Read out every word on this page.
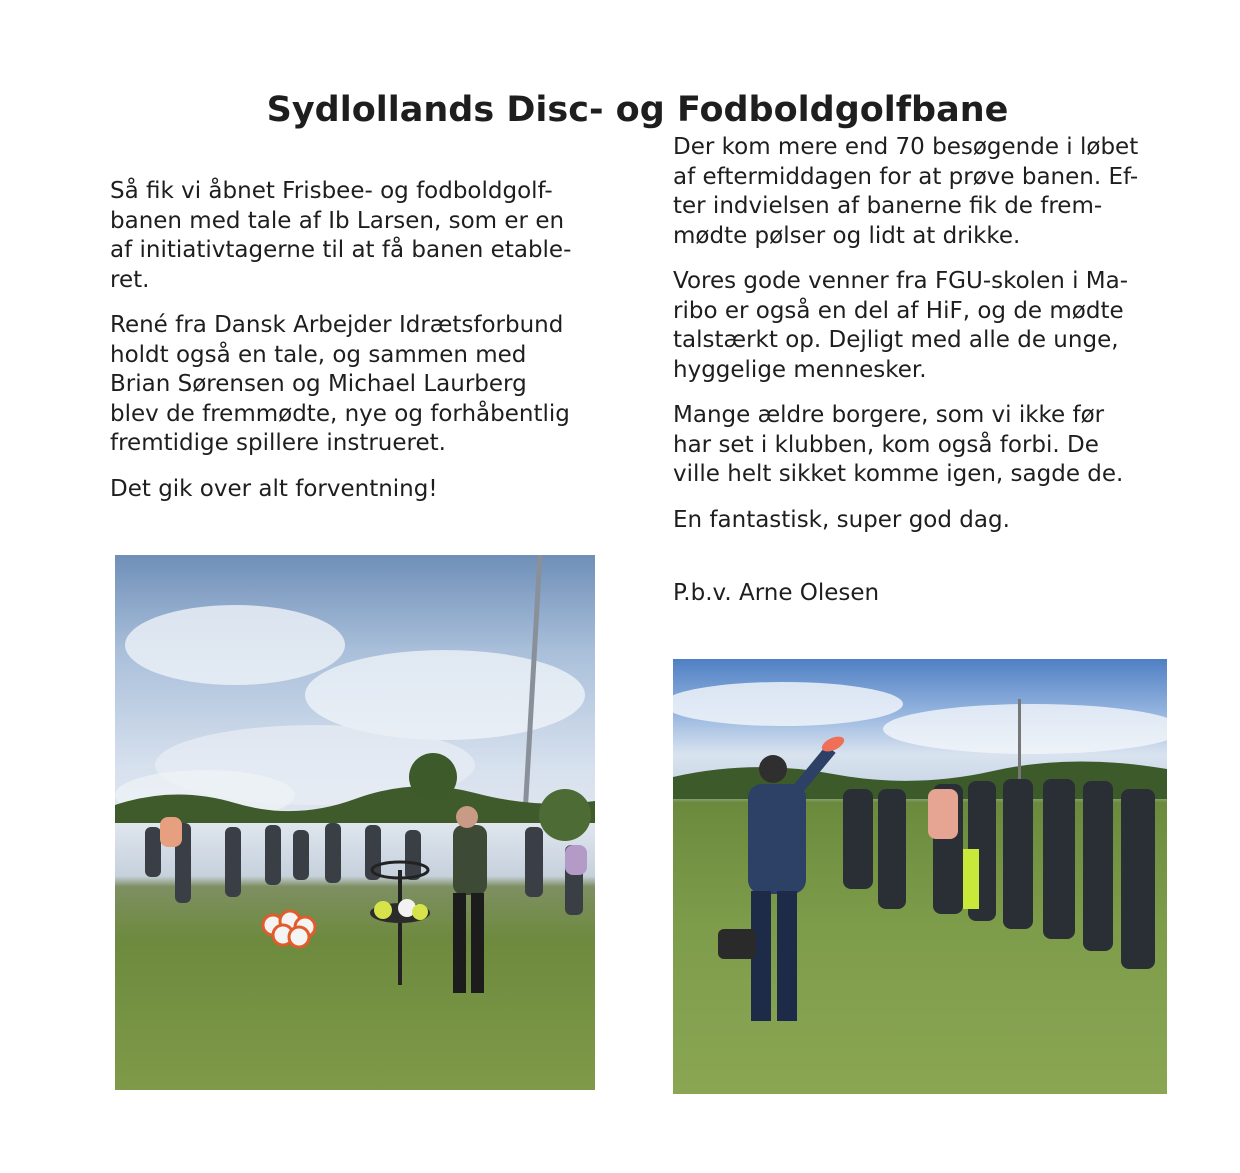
Sydlollands Disc- og Fodboldgolfbane

Så fik vi åbnet Frisbee- og fodboldgolf-
banen med tale af Ib Larsen, som er en
af initiativtagerne til at få banen etable-
ret.

René fra Dansk Arbejder Idrætsforbund
holdt også en tale, og sammen med
Brian Sørensen og Michael Laurberg
blev de fremmødte, nye og forhåbentlig
fremtidige spillere instrueret.

Det gik over alt forventning!

Der kom mere end 70 besøgende i løbet
af eftermiddagen for at prøve banen. Ef-
ter indvielsen af banerne fik de frem-
mødte pølser og lidt at drikke.

Vores gode venner fra FGU-skolen i Ma-
ribo er også en del af HiF, og de mødte
talstærkt op. Dejligt med alle de unge,
hyggelige mennesker.

Mange ældre borgere, som vi ikke før
har set i klubben, kom også forbi. De
ville helt sikket komme igen, sagde de.

En fantastisk, super god dag.

P.b.v. Arne Olesen
